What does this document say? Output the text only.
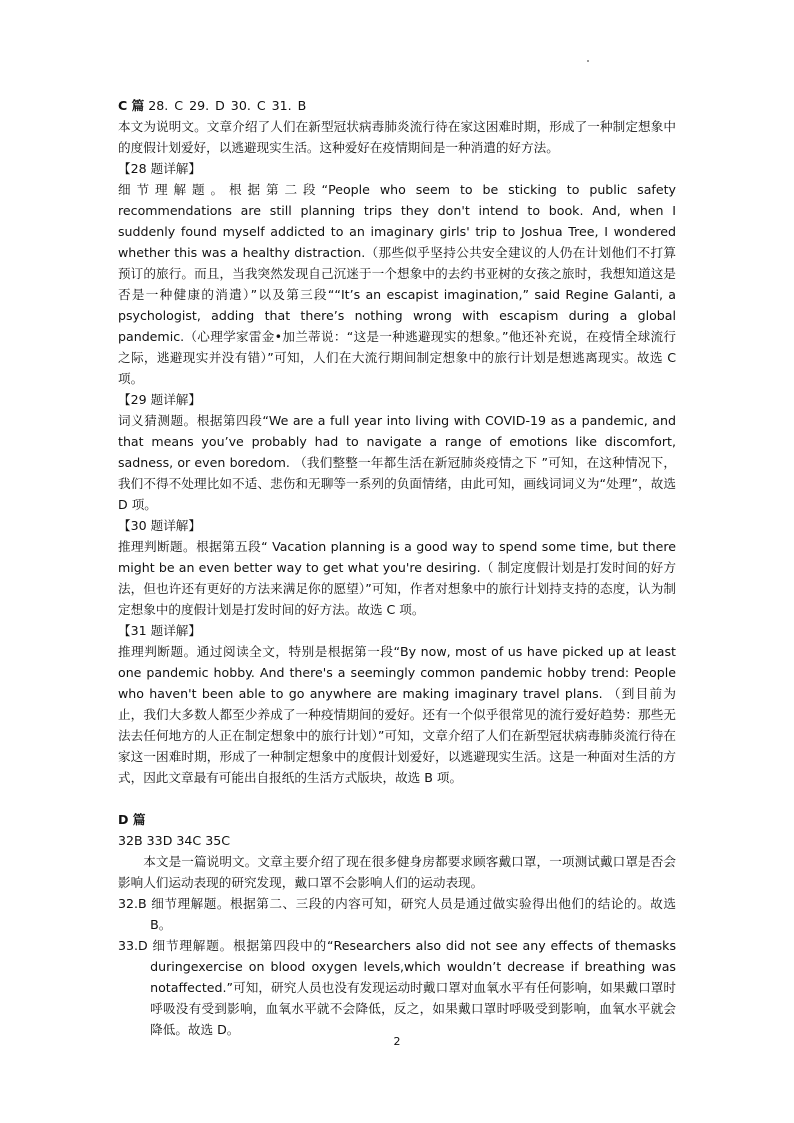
C 篇 28. C 29. D 30. C 31. B

本文为说明文。文章介绍了人们在新型冠状病毒肺炎流行待在家这困难时期，形成了一种制定想象中的度假计划爱好，以逃避现实生活。这种爱好在疫情期间是一种消遣的好方法。

【28 题详解】

细节理解题。根据第二段“People who seem to be sticking to public safety recommendations are still planning trips they don't intend to book. And, when I suddenly found myself addicted to an imaginary girls' trip to Joshua Tree, I wondered whether this was a healthy distraction.（那些似乎坚持公共安全建议的人仍在计划他们不打算预订的旅行。而且，当我突然发现自己沉迷于一个想象中的去约书亚树的女孩之旅时，我想知道这是否是一种健康的消遣）”以及第三段““It’s an escapist imagination,” said Regine Galanti, a psychologist, adding that there’s nothing wrong with escapism during a global pandemic.（心理学家雷金•加兰蒂说：“这是一种逃避现实的想象。”他还补充说，在疫情全球流行之际，逃避现实并没有错）”可知，人们在大流行期间制定想象中的旅行计划是想逃离现实。故选 C 项。

【29 题详解】

词义猜测题。根据第四段“We are a full year into living with COVID-19 as a pandemic, and that means you’ve probably had to navigate a range of emotions like discomfort, sadness, or even boredom. （我们整整一年都生活在新冠肺炎疫情之下 ”可知，在这种情况下，我们不得不处理比如不适、悲伤和无聊等一系列的负面情绪，由此可知，画线词词义为“处理”，故选 D 项。

【30 题详解】

推理判断题。根据第五段“ Vacation planning is a good way to spend some time, but there might be an even better way to get what you're desiring.（ 制定度假计划是打发时间的好方法，但也许还有更好的方法来满足你的愿望）”可知，作者对想象中的旅行计划持支持的态度，认为制定想象中的度假计划是打发时间的好方法。故选 C 项。

【31 题详解】

推理判断题。通过阅读全文，特别是根据第一段“By now, most of us have picked up at least one pandemic hobby. And there's a seemingly common pandemic hobby trend: People who haven't been able to go anywhere are making imaginary travel plans. （到目前为止，我们大多数人都至少养成了一种疫情期间的爱好。还有一个似乎很常见的流行爱好趋势：那些无法去任何地方的人正在制定想象中的旅行计划）”可知，文章介绍了人们在新型冠状病毒肺炎流行待在家这一困难时期，形成了一种制定想象中的度假计划爱好，以逃避现实生活。这是一种面对生活的方式，因此文章最有可能出自报纸的生活方式版块，故选 B 项。

D 篇

32B 33D 34C 35C

本文是一篇说明文。文章主要介绍了现在很多健身房都要求顾客戴口罩，一项测试戴口罩是否会影响人们运动表现的研究发现，戴口罩不会影响人们的运动表现。

32.B 细节理解题。根据第二、三段的内容可知，研究人员是通过做实验得出他们的结论的。故选 B。

33.D 细节理解题。根据第四段中的“Researchers also did not see any effects of themasks duringexercise on blood oxygen levels,which wouldn’t decrease if breathing was notaffected.”可知，研究人员也没有发现运动时戴口罩对血氧水平有任何影响，如果戴口罩时呼吸没有受到影响，血氧水平就不会降低，反之，如果戴口罩时呼吸受到影响，血氧水平就会降低。故选 D。

2
